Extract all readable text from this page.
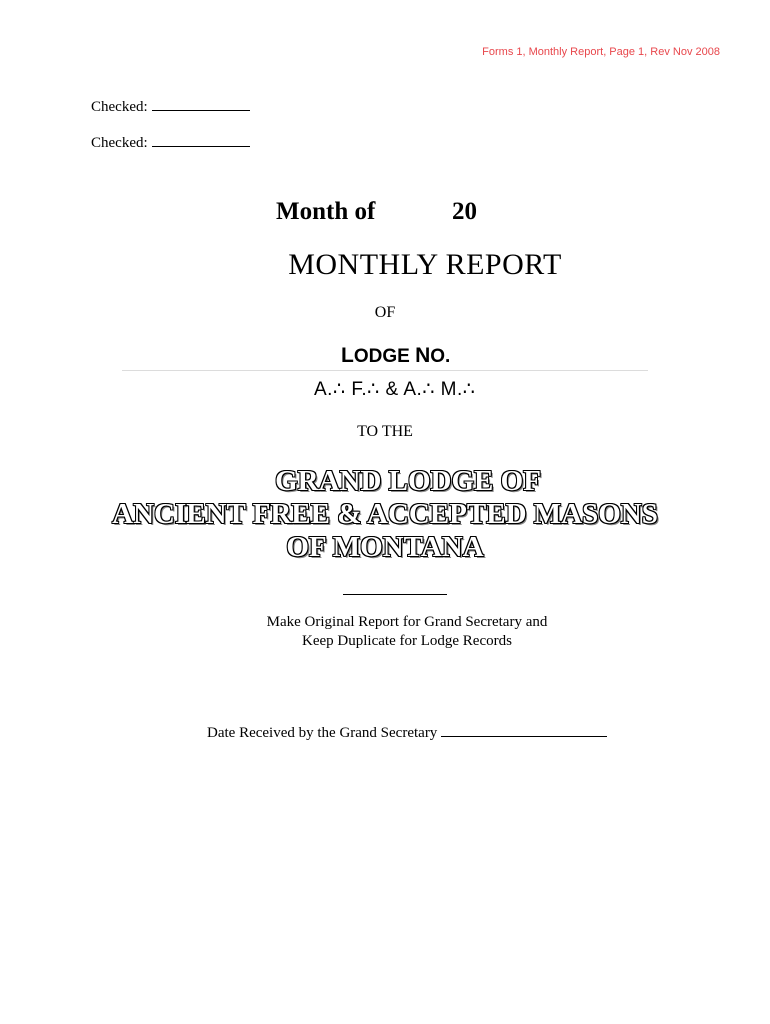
Forms 1, Monthly Report, Page 1, Rev Nov 2008
Checked:
Checked:
Month of	20
MONTHLY REPORT
OF
LODGE NO.
A.∴ F.∴ & A.∴ M.∴
TO THE
GRAND LODGE OF
ANCIENT FREE & ACCEPTED MASONS
OF MONTANA
Make Original Report for Grand Secretary and
Keep Duplicate for Lodge Records
Date Received by the Grand Secretary
